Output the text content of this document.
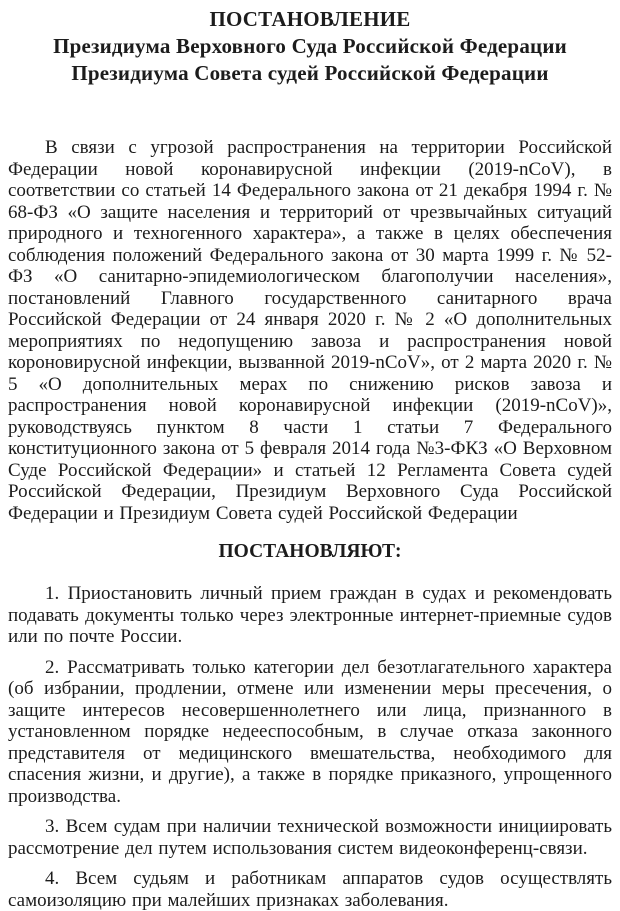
ПОСТАНОВЛЕНИЕ
Президиума Верховного Суда Российской Федерации
Президиума Совета судей Российской Федерации

В связи с угрозой распространения на территории Российской Федерации новой коронавирусной инфекции (2019-nCoV), в соответствии со статьей 14 Федерального закона от 21 декабря 1994 г. № 68-ФЗ «О защите населения и территорий от чрезвычайных ситуаций природного и техногенного характера», а также в целях обеспечения соблюдения положений Федерального закона от 30 марта 1999 г. № 52-ФЗ «О санитарно-эпидемиологическом благополучии населения», постановлений Главного государственного санитарного врача Российской Федерации от 24 января 2020 г. № 2 «О дополнительных мероприятиях по недопущению завоза и распространения новой короновирусной инфекции, вызванной 2019-nCoV», от 2 марта 2020 г. № 5 «О дополнительных мерах по снижению рисков завоза и распространения новой коронавирусной инфекции (2019-nCoV)», руководствуясь пунктом 8 части 1 статьи 7 Федерального конституционного закона от 5 февраля 2014 года №3-ФКЗ «О Верховном Суде Российской Федерации» и статьей 12 Регламента Совета судей Российской Федерации, Президиум Верховного Суда Российской Федерации и Президиум Совета судей Российской Федерации

ПОСТАНОВЛЯЮТ:

1. Приостановить личный прием граждан в судах и рекомендовать подавать документы только через электронные интернет-приемные судов или по почте России.

2. Рассматривать только категории дел безотлагательного характера (об избрании, продлении, отмене или изменении меры пресечения, о защите интересов несовершеннолетнего или лица, признанного в установленном порядке недееспособным, в случае отказа законного представителя от медицинского вмешательства, необходимого для спасения жизни, и другие), а также в порядке приказного, упрощенного производства.

3. Всем судам при наличии технической возможности инициировать рассмотрение дел путем использования систем видеоконференц-связи.

4. Всем судьям и работникам аппаратов судов осуществлять самоизоляцию при малейших признаках заболевания.
